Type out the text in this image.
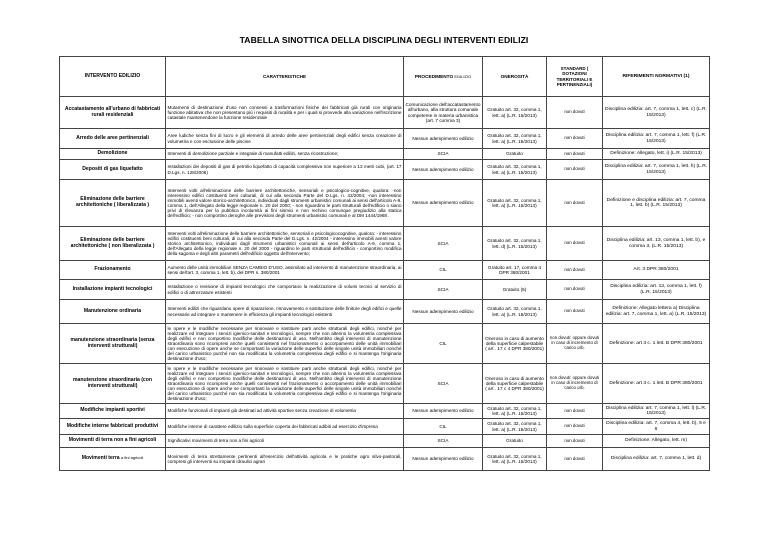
TABELLA SINOTTICA DELLA DISCIPLINA DEGLI INTERVENTI EDILIZI
INTERVENTO EDILIZIO	CARATTERISTICHE	PROCEDIMENTO EDILIZIO	ONEROSITÀ	STANDARD ( DOTAZIONI TERRITORIALI E PERTINENZIALI)	RIFERIMENTI NORMATIVI (1)
Accatastamento all'urbano di fabbricati rurali residenziali	Mutamenti di destinazione d'uso non connessi a trasformazioni fisiche dei fabbricati già rurali con originaria funzione abitativa che non presentano più i requisiti di ruralità e per i quali si provvede alla variazione nell'iscrizione catastale mantenendone la funzione residenziale	Comunicazione dell'accatastamento all'urbano, alla struttura comunale competente in materia urbanistica (art. 7 comma 3)	Gratuito art. 32, comma 1, lett. a) (L.R. 15/2013)	non dovuti	Disciplina edilizia: art. 7, comma 1, lett. c) (L.R. 15/2013)
Arredo delle aree pertinenziali	Aree ludiche senza fini di lucro e gli elementi di arredo delle aree pertinenziali degli edifici senza creazione di volumetria e con esclusione delle piscine	Nessun adempimento edilizio	Gratuito art. 32, comma 1, lett. a) (L.R. 15/2013)	non dovuti	Disciplina edilizia: art. 7, comma 1, lett. f) (L.R. 15/2013)
Demolizione	Interventi di demolizione parziale e integrale di manufatti edilizi, senza ricostruzione;	SCIA	Gratuito	non dovuti	Definizione: Allegato, lett. i) (L.R. 15/2013)
Depositi di gas liquefatto	Installazioni dei depositi di gas di petrolio liquefatto di capacità complessiva non superiore a 13 metri cubi, (art. 17 D.Lgs. n. 128/2006)	Nessun adempimento edilizio	Gratuito art. 32, comma 1, lett. a) (L.R. 15/2013)	non dovuti	Disciplina edilizia: art. 7, comma 1, lett. h) (L.R. 15/2013)
Eliminazione delle barriere architettoniche ( liberalizzata )	Interventi volti all'eliminazione delle barriere architettoniche, sensoriali e psicologico-cognitive, qualora: -non interessino edifici costituenti beni culturali, di cui alla seconda Parte del D.Lgs. n. 42/2004; -non interessino immobili aventi valore storico-architettonico, individuati dagli strumenti urbanistici comunali ai sensi dell'articolo A-9, comma 1, dell'Allegato della legge regionale n. 20 del 2000; - non riguardino le parti strutturali dell'edificio o siano privi di rilevanza per la pubblica incolumità ai fini sismici e non rechino comunque pregiudizio alla statica dell'edificio; - non comportino deroghe alle previsioni degli strumenti urbanistici comunali e al DM 1444/1968 .	Nessun adempimento edilizio	Gratuito art. 32, comma 1, lett. a) (L.R. 15/2013)	non dovuti	Definizione e disciplina edilizia: art. 7, comma 1, lett. b) (L.R. 15/2013)
Eliminazione delle barriere architettoniche ( non liberalizzata )	Interventi volti all'eliminazione delle barriere architettoniche, sensoriali e psicologicocognitive, qualora: - interessino edifici costituenti beni culturali, di cui alla seconda Parte del D.Lgs. n. 42/2004 - interessino immobili aventi valore storico architettonico, individuati dagli strumenti urbanistici comunali ai sensi dell'articolo A-9, comma 1, dell'Allegato della legge regionale n. 20 del 2000 - riguardino le parti strutturali dell'edificio - comportino modifica della sagoma e degli altri parametri dell'edificio oggetto dell'intervento;	SCIA	Gratuito art. 32, comma 1, lett. d) (L.R. 15/2013)	non dovuti	Disciplina edilizia: art. 13, comma 1, lett. b), e comma 3, (L.R. 15/2013)
Frazionamento	Aumento delle unità immobiliari SENZA CAMBIO D'USO, assimilato ad intervento di manutenzione straordinaria, ai sensi dell'art. 3, comma 1, lett. b), del DPR n. 380/2001	CIL	Gratuito art. 17, comma 4 DPR 380/2001	non dovuti	Art. 3 DPR 380/2001
Installazione impianti tecnologici	Installazione o revisione di impianti tecnologici che comportano la realizzazione di volumi tecnici al servizio di edifici o di attrezzature esistenti	SCIA	Gratuito (5)	non dovuti	Disciplina edilizia: art. 13, comma 1, lett. f) (L.R. 15/2013)
Manutenzione ordinaria	Interventi edilizi che riguardano opere di riparazione, rinnovamento e sostituzione delle finiture degli edifici e quelle necessarie ad integrare o mantenere in efficienza gli impianti tecnologici esistenti	Nessun adempimento edilizio	Gratuito art. 32, comma 1, lett. a) (L.R. 15/2013)	non dovuti	Definizione: Allegato lettera a) Disciplina edilizia: art. 7, comma 1, lett. a) (L.R. 15/2013)
manutenzione straordinaria (senza interventi strutturali)	le opere e le modifiche necessarie per rinnovare e sostituire parti anche strutturali degli edifici, nonché per realizzare ed integrare i servizi igienico-sanitari e tecnologici, sempre che non alterino la volumetria complessiva degli edifici e non comportino modifiche delle destinazioni di uso. Nell'ambito degli interventi di manutenzione straordinaria sono ricompresi anche quelli consistenti nel frazionamento o accorpamento delle unità immobiliari con esecuzione di opere anche se comportanti la variazione delle superfici delle singole unità immobiliari nonché del carico urbanistico purché non sia modificata la volumetria complessiva degli edifici e si mantenga l'originaria destinazione d'uso;	CIL	Oneroso in caso di aumento della superficie calpestabile ( art . 17 c 4 DPR 380/2001)	non dovuti: oppure dovuti in caso di incremento di carico urb.	Definizione: art 3 c. 1 lett. B DPR 380/2001
manutenzione straordinaria (con interventi strutturali)	le opere e le modifiche necessarie per rinnovare e sostituire parti anche strutturali degli edifici, nonché per realizzare ed integrare i servizi igienico-sanitari e tecnologici, sempre che non alterino la volumetria complessiva degli edifici e non comportino modifiche delle destinazioni di uso. Nell'ambito degli interventi di manutenzione straordinaria sono ricompresi anche quelli consistenti nel frazionamento o accorpamento delle unità immobiliari con esecuzione di opere anche se comportanti la variazione delle superfici delle singole unità immobiliari nonché del carico urbanistico purché non sia modificata la volumetria complessiva degli edifici e si mantenga l'originaria destinazione d'uso;	SCIA	Oneroso in caso di aumento della superficie calpestabile ( art . 17 c 4 DPR 380/2001)	non dovuti: oppure dovuti in caso di incremento di carico urb.	Definizione: art 3 c. 1 lett. B DPR 380/2001
Modifiche impianti sportivi	Modifiche funzionali di impianti già destinati ad attività sportive senza creazione di volumetria	Nessun adempimento edilizio	Gratuito art. 32, comma 1, lett. a) (L.R. 15/2013)	non dovuti	Disciplina edilizia: art. 7, comma 1, lett. l) (L.R. 15/2013)
Modifiche interne fabbricati produttivi	Modifiche interne di carattere edilizio sulla superficie coperta dei fabbricati adibiti ad esercizio d'impresa	CIL	Gratuito art. 32, comma 1, lett. a) (L.R. 15/2013)	non dovuti	Disciplina edilizia: art. 7, comma 4, lett. b), 5 e 6
Movimenti di terra non a fini agricoli	Significativi movimenti di terra non a fini agricoli	SCIA	Gratuito	non dovuti	Definizione: Allegato, lett. m)
Movimenti terra a fini agricoli	Movimenti di terra strettamente pertinenti all'esercizio dell'attività agricola e le pratiche agro silvo-pastorali, compresi gli interventi su impianti idraulici agrari	Nessun adempimento edilizio	Gratuito art. 32, comma 1, lett. a) (L.R. 15/2013)	non dovuti	Disciplina edilizia: art. 7, comma 1, lett. d)
